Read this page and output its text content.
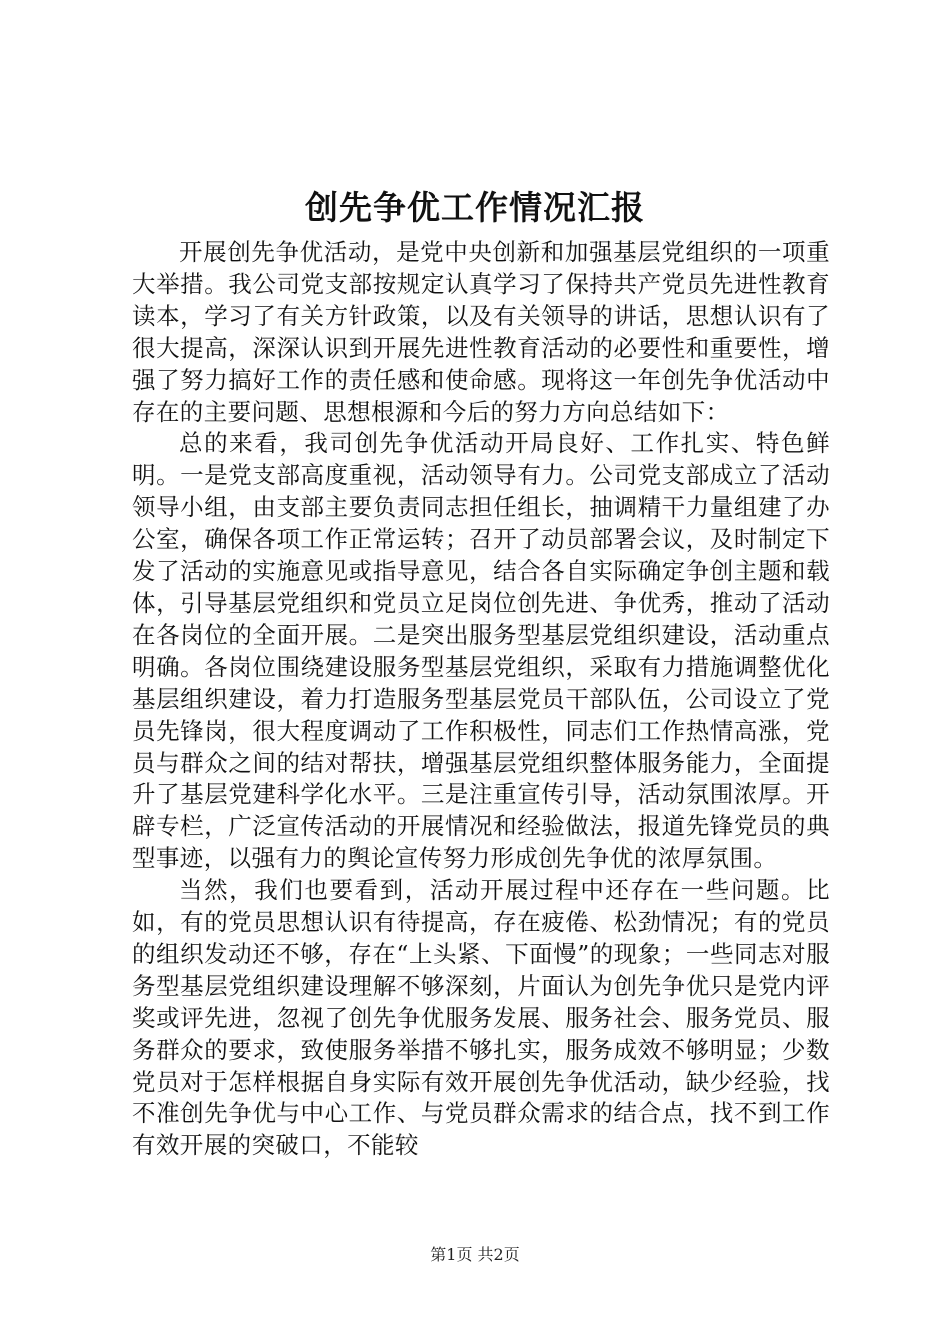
创先争优工作情况汇报

开展创先争优活动，是党中央创新和加强基层党组织的一项重大举措。我公司党支部按规定认真学习了保持共产党员先进性教育读本，学习了有关方针政策，以及有关领导的讲话，思想认识有了很大提高，深深认识到开展先进性教育活动的必要性和重要性，增强了努力搞好工作的责任感和使命感。现将这一年创先争优活动中存在的主要问题、思想根源和今后的努力方向总结如下：

总的来看，我司创先争优活动开局良好、工作扎实、特色鲜明。一是党支部高度重视，活动领导有力。公司党支部成立了活动领导小组，由支部主要负责同志担任组长，抽调精干力量组建了办公室，确保各项工作正常运转；召开了动员部署会议，及时制定下发了活动的实施意见或指导意见，结合各自实际确定争创主题和载体，引导基层党组织和党员立足岗位创先进、争优秀，推动了活动在各岗位的全面开展。二是突出服务型基层党组织建设，活动重点明确。各岗位围绕建设服务型基层党组织，采取有力措施调整优化基层组织建设，着力打造服务型基层党员干部队伍，公司设立了党员先锋岗，很大程度调动了工作积极性，同志们工作热情高涨，党员与群众之间的结对帮扶，增强基层党组织整体服务能力，全面提升了基层党建科学化水平。三是注重宣传引导，活动氛围浓厚。开辟专栏，广泛宣传活动的开展情况和经验做法，报道先锋党员的典型事迹，以强有力的舆论宣传努力形成创先争优的浓厚氛围。

当然，我们也要看到，活动开展过程中还存在一些问题。比如，有的党员思想认识有待提高，存在疲倦、松劲情况；有的党员的组织发动还不够，存在“上头紧、下面慢”的现象；一些同志对服务型基层党组织建设理解不够深刻，片面认为创先争优只是党内评奖或评先进，忽视了创先争优服务发展、服务社会、服务党员、服务群众的要求，致使服务举措不够扎实，服务成效不够明显；少数党员对于怎样根据自身实际有效开展创先争优活动，缺少经验，找不准创先争优与中心工作、与党员群众需求的结合点，找不到工作有效开展的突破口，不能较

第1页 共2页
